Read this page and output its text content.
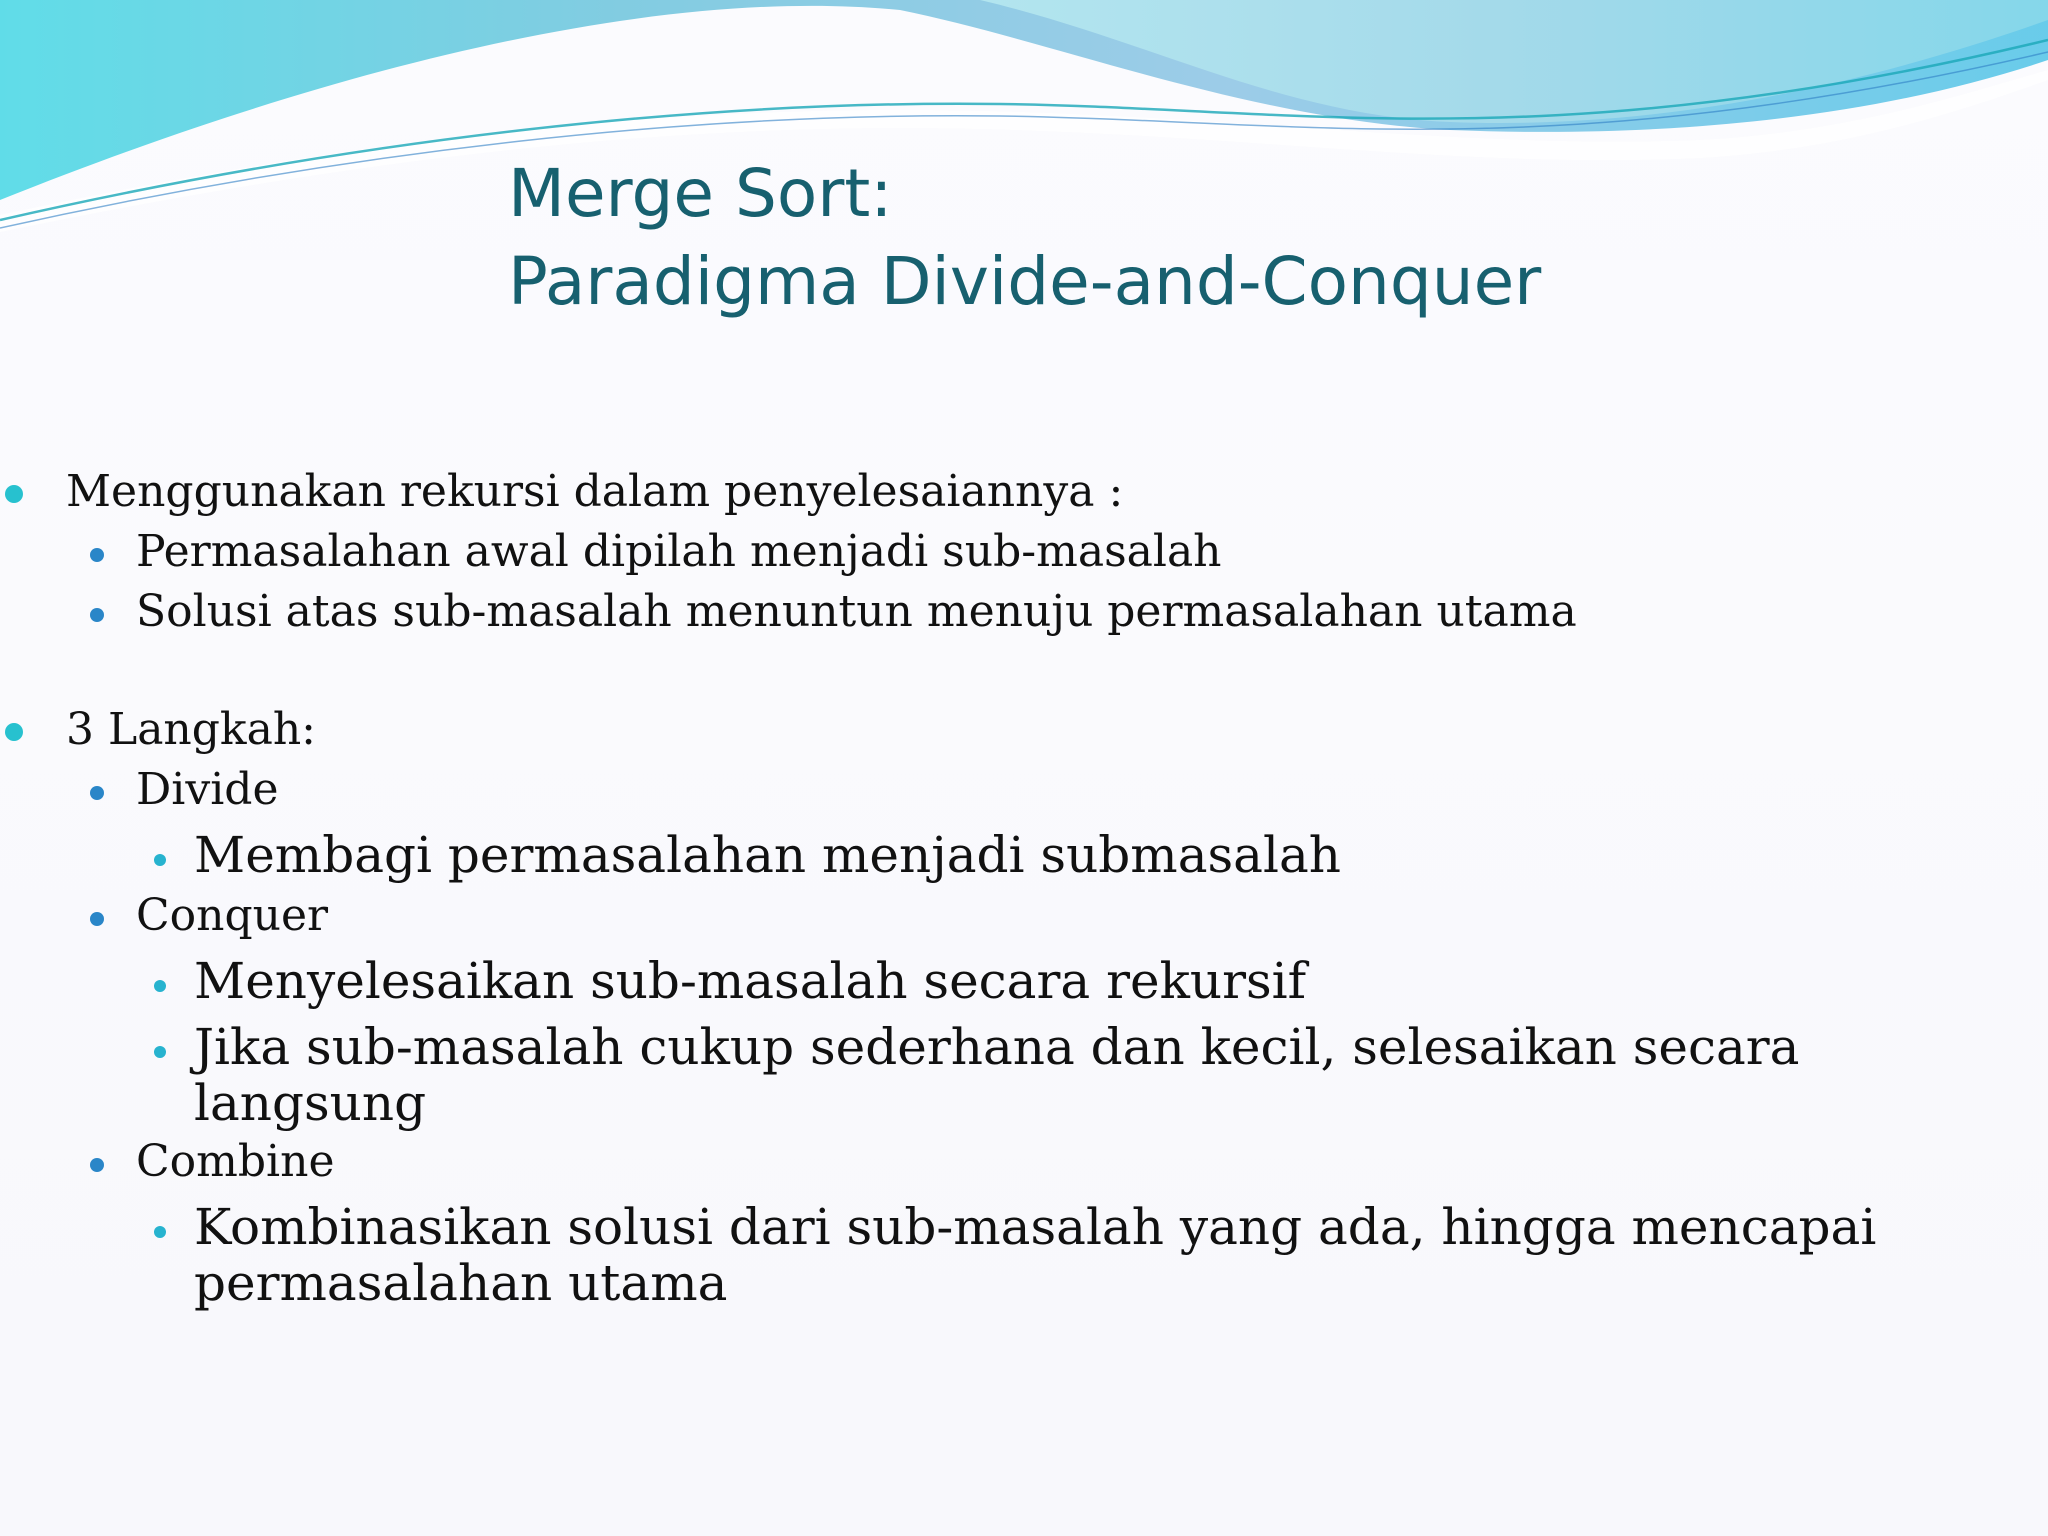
Merge Sort:
Paradigma Divide-and-Conquer
Menggunakan rekursi dalam penyelesaiannya :
Permasalahan awal dipilah menjadi sub-masalah
Solusi atas sub-masalah menuntun menuju permasalahan utama
3 Langkah:
Divide
Membagi permasalahan menjadi submasalah
Conquer
Menyelesaikan sub-masalah secara rekursif
Jika sub-masalah cukup sederhana dan kecil, selesaikan secara
langsung
Combine
Kombinasikan solusi dari sub-masalah yang ada, hingga mencapai
permasalahan utama
